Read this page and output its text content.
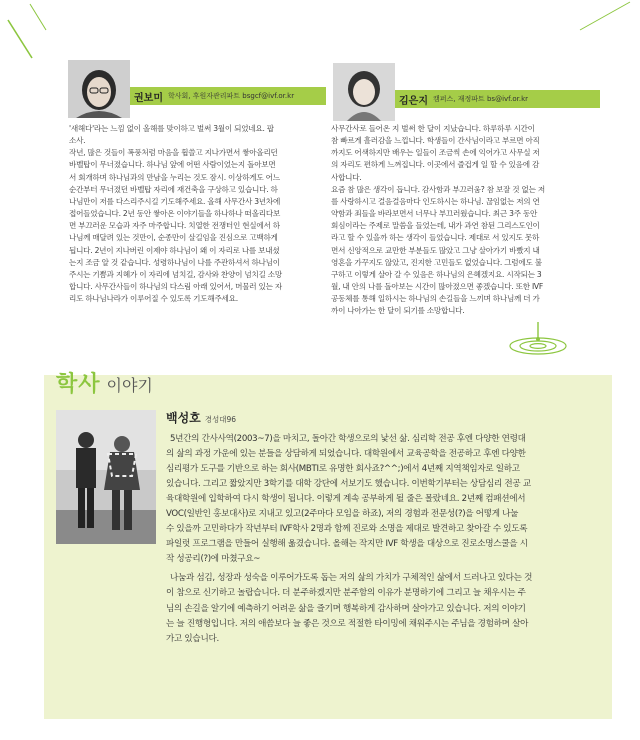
권보미 학사회, 후원자관리파트 bsgcf@ivf.or.kr

'새해다'라는 느낌 없이 올해를 맞이하고 벌써 3월이 되었네요. 팝

소사.

작년, 많은 것들이 폭풍처럼 마음을 휩쓸고 지나가면서 쌓아올리던

바벨탑이 무너졌습니다. 하나님 앞에 어떤 사람이었는지 돌아보면

서 회개하며 하나님과의 만남을 누리는 것도 잠시. 이상하게도 어느

순간부터 무너졌던 바벨탑 자리에 재건축을 구상하고 있습니다. 하

나님만이 저를 다스리주시길 기도해주세요. 올해 사무간사 3년차에

접어들었습니다. 2년 동안 쌓아온 이야기들을 하나하나 떠올리다보

면 부끄러운 모습과 자주 마주합니다. 치열한 전쟁터인 현실에서 하

나님께 매달려 있는 것만이, 순종만이 살길임을 진심으로 고백하게

됩니다. 2년이 지나버린 이제야 하나님이 왜 이 자리로 나를 보내셨

는지 조금 알 것 같습니다. 성령하나님이 나를 주관하셔서 하나님이

주시는 기쁨과 지혜가 이 자리에 넘치길, 감사와 찬양이 넘치길 소망

합니다. 사무간사들이 하나님의 다스림 아래 있어서, 머물러 있는 자

리도 하나님나라가 이루어질 수 있도록 기도해주세요.

김은지 캠퍼스, 재정파트 bs@ivf.or.kr

사무간사로 들어온 지 벌써 한 달이 지났습니다. 하루하루 시간이

참 빠르게 흘러감을 느낍니다. 학생들이 간사님이라고 부르면 아직

까지도 어색하지만 배우는 일들이 조금씩 손에 익어가고 사무실 저

의 자리도 편하게 느껴집니다. 이곳에서 즐겁게 일 할 수 있음에 감

사합니다.

요즘 참 많은 생각이 듭니다. 감사함과 부끄러움? 참 보잘 것 없는 저

를 사랑하시고 걸음걸음마다 인도하시는 하나님. 끊임없는 저의 연

약함과 죄들을 바라보면서 너무나 부끄러웠습니다. 최근 3주 동안

회심이라는 주제로 말씀을 들었는데, 내가 과연 참된 그리스도인이

라고 할 수 있을까 하는 생각이 들었습니다. 제대로 서 있지도 못하

면서 신앙적으로 교만한 부분들도 많았고 그냥 살아가기 바빴지 내

영혼을 가꾸지도 않았고, 진지한 고민들도 없었습니다. 그럼에도 불

구하고 이렇게 살아 갈 수 있음은 하나님의 은혜겠지요. 시작되는 3

월, 내 안의 나를 돌아보는 시간이 많아졌으면 좋겠습니다. 또한 IVF

공동체를 통해 일하시는 하나님의 손길들을 느끼며 하나님께 더 가

까이 나아가는 한 달이 되기를 소망합니다.

학사 이야기
백성호 경성대96

 5년간의 간사사역(2003~7)을 마치고, 돌아간 학생으로의 낯선 삶. 심리학 전공 후엔 다양한 연령대

의 삶의 과정 가운에 있는 분들을 상담하게 되었습니다. 대학원에서 교육공학을 전공하고 후엔 다양한

심리평가 도구를 기반으로 하는 회사(MBTI로 유명한 회사죠?^^;)에서 4년째 지역책임자로 일하고

있습니다. 그리고 짧았지만 3학기를 대학 강단에 서보기도 했습니다. 이번학기부터는 상담심리 전공 교

육대학원에 입학하여 다시 학생이 됩니다. 이렇게 계속 공부하게 될 줄은 몰랐네요. 2년째 컴패션에서

VOC(일반인 홍보대사)로 지내고 있고(2주마다 모임을 하죠), 저의 경험과 전문성(?)을 어떻게 나눌

수 있을까 고민하다가 작년부터 IVF학사 2명과 함께 진로와 소명을 제대로 발견하고 찾아갈 수 있도록

파일럿 프로그램을 만들어 실행해 옮겼습니다. 올해는 작지만 IVF 학생을 대상으로 진로소명스쿨을 시

작 성공리(?)에 마쳤구요~

 나눔과 섬김, 성장과 성숙을 이루어가도록 돕는 저의 삶의 가치가 구체적인 삶에서 드러나고 있다는 것

이 참으로 신기하고 놀랍습니다. 더 분주하겠지만 분주함의 이유가 분명하기에 그리고 늘 채우시는 주

님의 손길을 알기에 예측하기 어려운 삶을 즐기며 행복하게 감사하며 살아가고 있습니다. 저의 이야기

는 늘 진행형입니다. 저의 애씀보다 늘 좋은 것으로 적절한 타이밍에 채워주시는 주님을 경험하며 살아

가고 있습니다.
